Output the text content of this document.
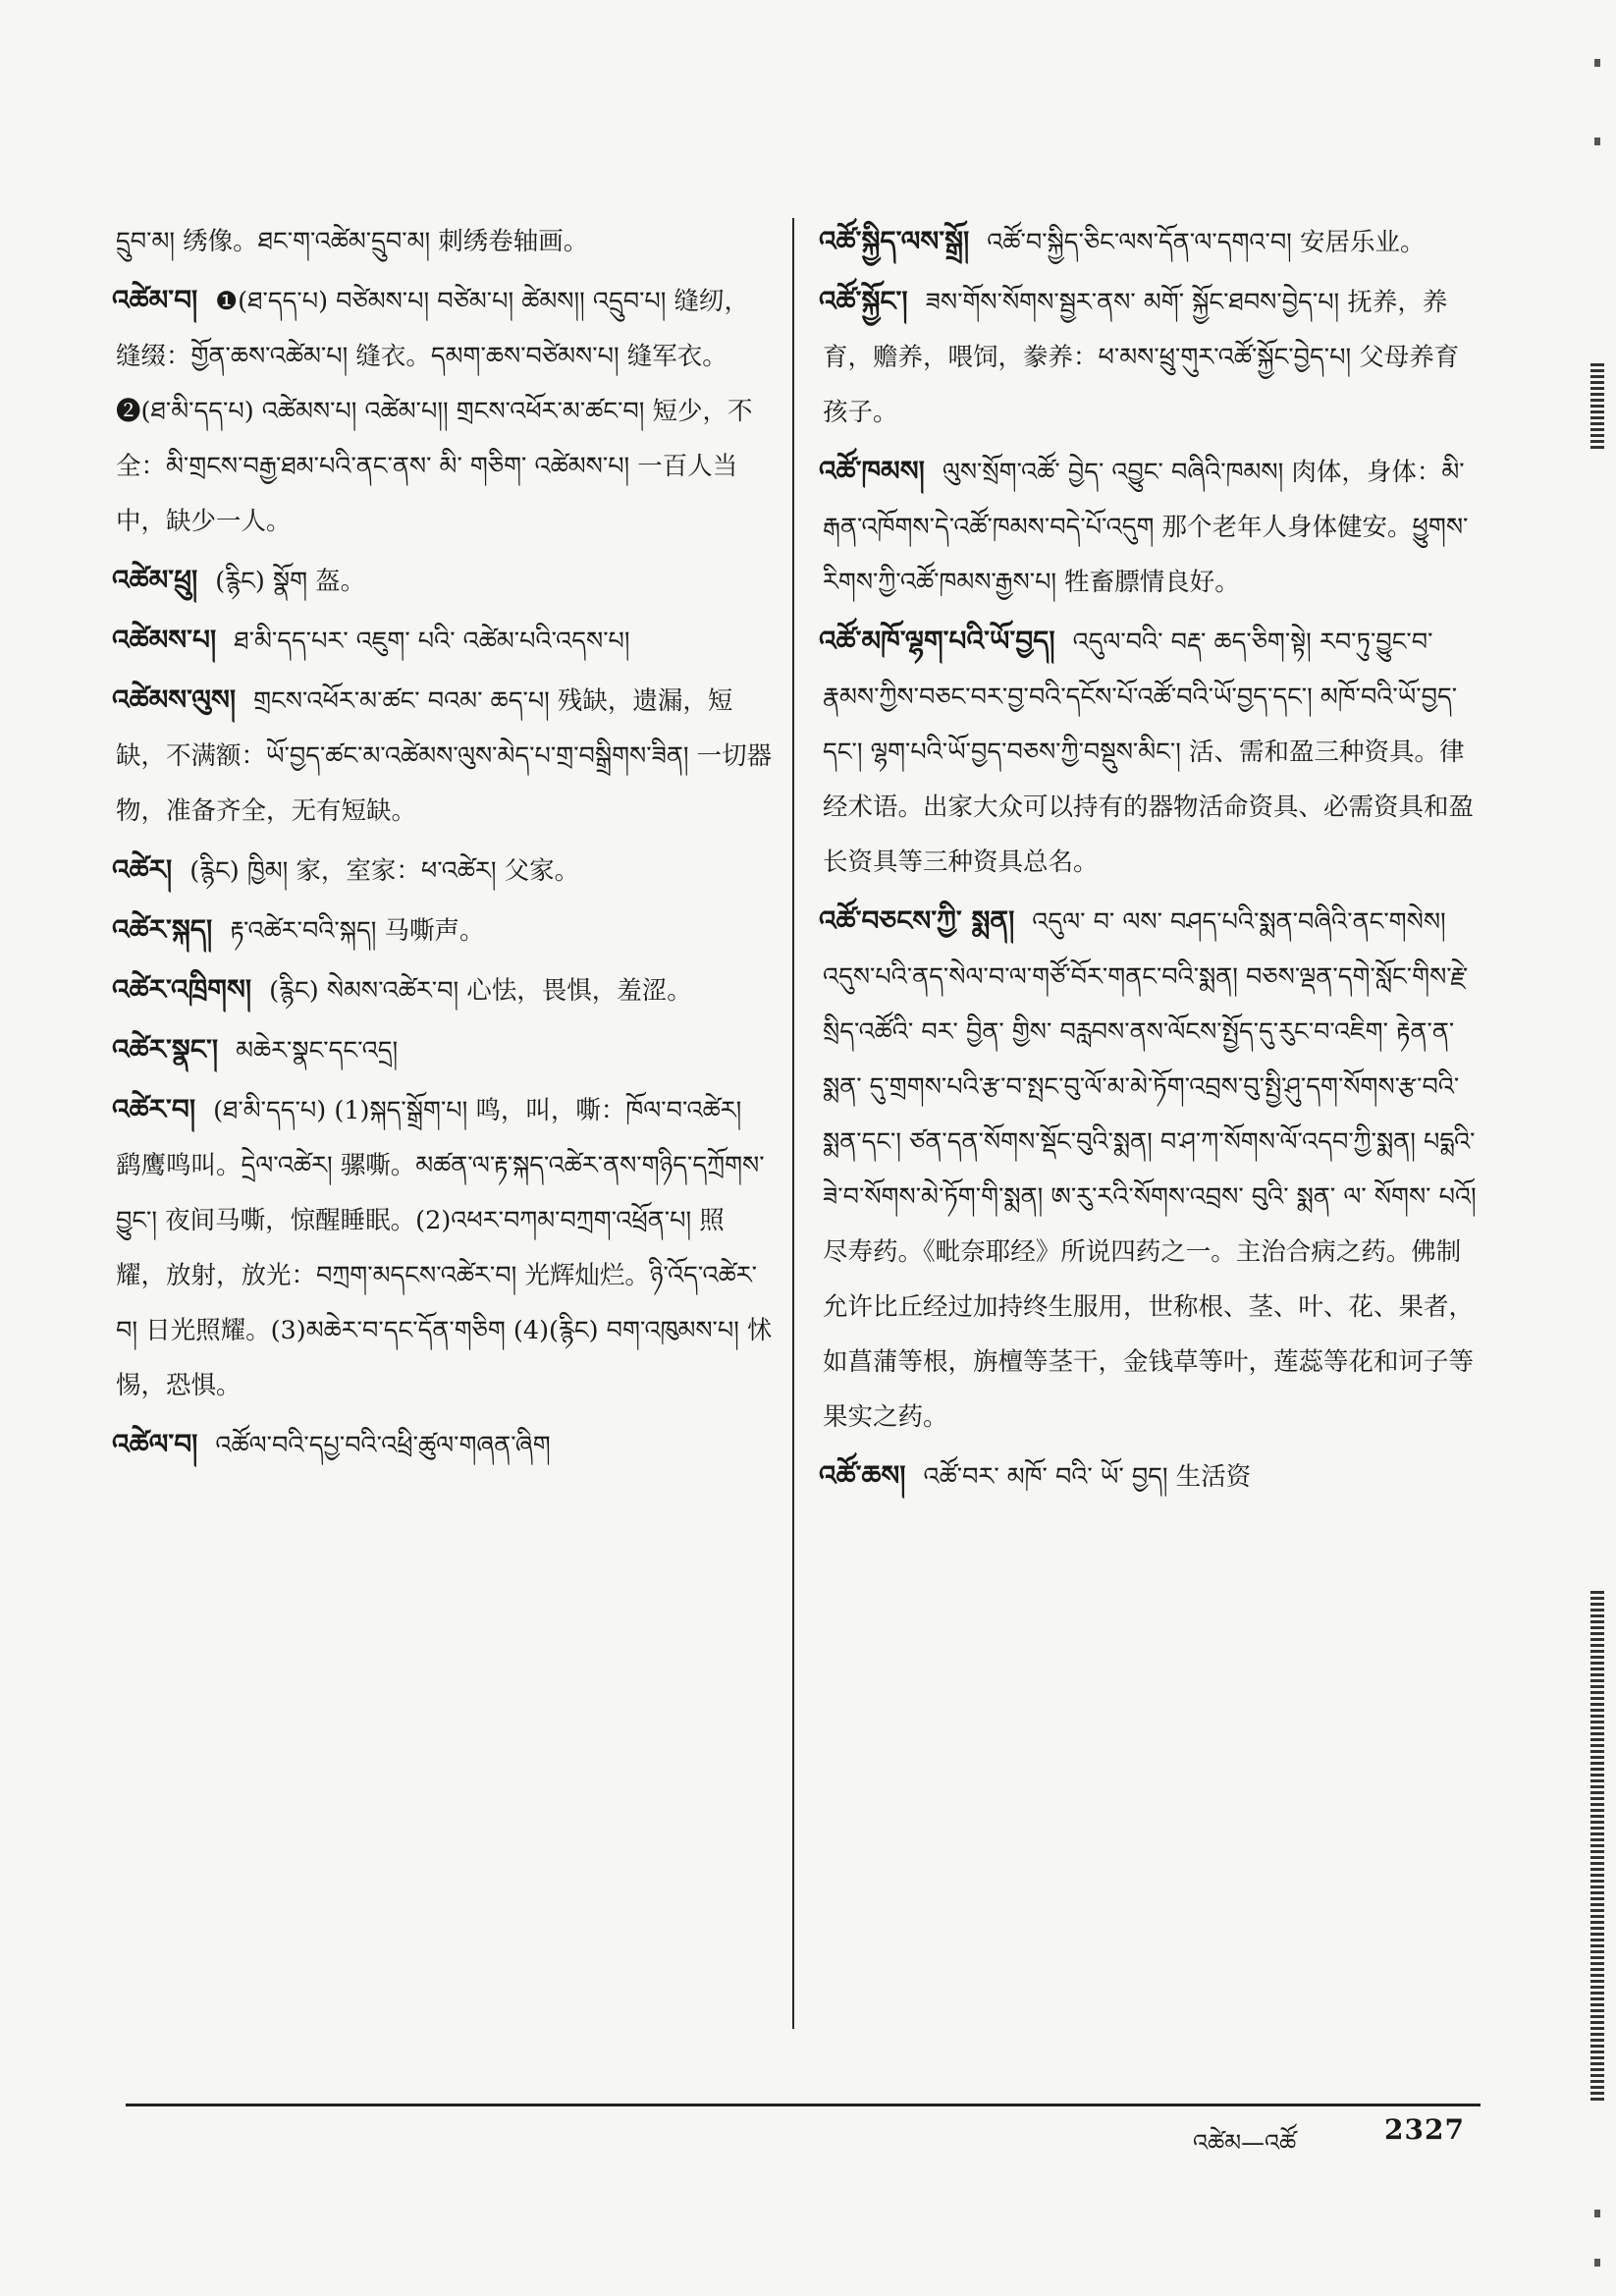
དྲུབ་མ། 绣像。ཐང་ག་འཚེམ་དྲུབ་མ། 刺绣卷轴画。
འཚེམ་བ། ❶(ཐ་དད་པ) བཙེམས་པ། བཙེམ་པ། ཚེམས།། འདྲུབ་པ། 缝纫，缝缀：གྱོན་ཆས་འཚེམ་པ། 缝衣。དམག་ཆས་བཙེམས་པ། 缝军衣。❷(ཐ་མི་དད་པ) འཚེམས་པ། འཚེམ་པ།། གྲངས་འཕོར་མ་ཚང་བ། 短少，不全：མི་གྲངས་བརྒྱ་ཐམ་པའི་ནང་ནས་ མི་ གཅིག་ འཚེམས་པ། 一百人当中，缺少一人。
འཚེམ་ཕྲུ། (རྙིང) སྣོག 盔。
འཚེམས་པ། ཐ་མི་དད་པར་ འཇུག་ པའི་ འཚེམ་པའི་འདས་པ།
འཚེམས་ལུས། གྲངས་འཕོར་མ་ཚང་ བའམ་ ཆད་པ། 残缺，遗漏，短缺，不满额：ཡོ་བྱད་ཚང་མ་འཚེམས་ལུས་མེད་པ་གྲ་བསྒྲིགས་ཟིན། 一切器物，准备齐全，无有短缺。
འཚེར། (རྙིང) ཁྱིམ། 家，室家：ཕ་འཚེར། 父家。
འཚེར་སྐད། རྟ་འཚེར་བའི་སྐད། 马嘶声。
འཚེར་འཁྲིགས། (རྙིང) སེམས་འཚེར་བ། 心怯，畏惧，羞涩。
འཚེར་སྣང་། མཆེར་སྣང་དང་འདྲ།
འཚེར་བ། (ཐ་མི་དད་པ) (1)སྐད་སྒྲོག་པ། 鸣，叫，嘶：ཁོལ་བ་འཚེར། 鹞鹰鸣叫。དྲེལ་འཚེར། 骡嘶。མཚན་ལ་རྟ་སྐད་འཚེར་ནས་གཉིད་དཀྲོགས་བྱུང་། 夜间马嘶，惊醒睡眠。(2)འཕར་བཀམ་བཀྲག་འཕྲོན་པ། 照耀，放射，放光：བཀྲག་མདངས་འཚེར་བ། 光辉灿烂。ཉི་འོད་འཚེར་བ། 日光照耀。(3)མཆེར་བ་དང་དོན་གཅིག (4)(རྙིང) བག་འཁུམས་པ། 怵惕，恐惧。
འཚེལ་བ། འཚོལ་བའི་དཔྱ་བའི་འཕྲི་ཚུལ་གཞན་ཞིག
འཚོ་སྐྱིད་ལས་སྒྲོ། འཚོ་བ་སྐྱིད་ཅིང་ལས་དོན་ལ་དགའ་བ། 安居乐业。
འཚོ་སྐྱོང་། ཟས་གོས་སོགས་སྦྱར་ནས་ མགོ་ སྐྱོང་ཐབས་བྱེད་པ། 抚养，养育，赡养，喂饲，豢养：ཕ་མས་ཕྲུ་གུར་འཚོ་སྐྱོང་བྱེད་པ། 父母养育孩子。
འཚོ་ཁམས། ལུས་སྲོག་འཚོ་ བྱེད་ འབྱུང་ བཞིའི་ཁམས། 肉体，身体：མི་རྒན་འཁོགས་དེ་འཚོ་ཁམས་བདེ་པོ་འདུག 那个老年人身体健安。ཕྱུགས་རིགས་ཀྱི་འཚོ་ཁམས་རྒྱས་པ། 牲畜膘情良好。
འཚོ་མཁོ་ལྷག་པའི་ཡོ་བྱད། འདུལ་བའི་ བརྡ་ ཆད་ཅིག་སྟེ། རབ་ཏུ་བྱུང་བ་རྣམས་ཀྱིས་བཅང་བར་བྱ་བའི་དངོས་པོ་འཚོ་བའི་ཡོ་བྱད་དང་། མཁོ་བའི་ཡོ་བྱད་དང་། ལྷག་པའི་ཡོ་བྱད་བཅས་ཀྱི་བསྡུས་མིང་། 活、需和盈三种资具。律经术语。出家大众可以持有的器物活命资具、必需资具和盈长资具等三种资具总名。
འཚོ་བཅངས་ཀྱི་ སྨན། འདུལ་ བ་ ལས་ བཤད་པའི་སྨན་བཞིའི་ནང་གསེས། འདུས་པའི་ནད་སེལ་བ་ལ་གཙོ་བོར་གནང་བའི་སྨན། བཅས་ལྡན་དགེ་སློང་གིས་རྗེ་སྲིད་འཚོའི་ བར་ བྱིན་ གྱིས་ བརླབས་ནས་ལོངས་སྤྱོད་དུ་རུང་བ་འཇིག་ རྟེན་ན་ སྨན་ དུ་གྲགས་པའི་རྩ་བ་སྤང་བུ་ལོ་མ་མེ་ཏོག་འབྲས་བུ་སྤྱི་ཤུ་དག་སོགས་རྩ་བའི་སྨན་དང་། ཙན་དན་སོགས་སྡོང་བུའི་སྨན། བ་ཤ་ཀ་སོགས་ལོ་འདབ་ཀྱི་སྨན། པདྨའི་ཟེ་བ་སོགས་མེ་ཏོག་གི་སྨན། ཨ་རུ་རའི་སོགས་འབྲས་ བུའི་ སྨན་ ལ་ སོགས་ པའོ། 尽寿药。《毗奈耶经》所说四药之一。主治合病之药。佛制允许比丘经过加持终生服用，世称根、茎、叶、花、果者，如菖蒲等根，旃檀等茎干，金钱草等叶，莲蕊等花和诃子等果实之药。
འཚོ་ཆས། འཚོ་བར་ མཁོ་ བའི་ ཡོ་ བྱད། 生活资
འཚེམ—འཚོ	2327
